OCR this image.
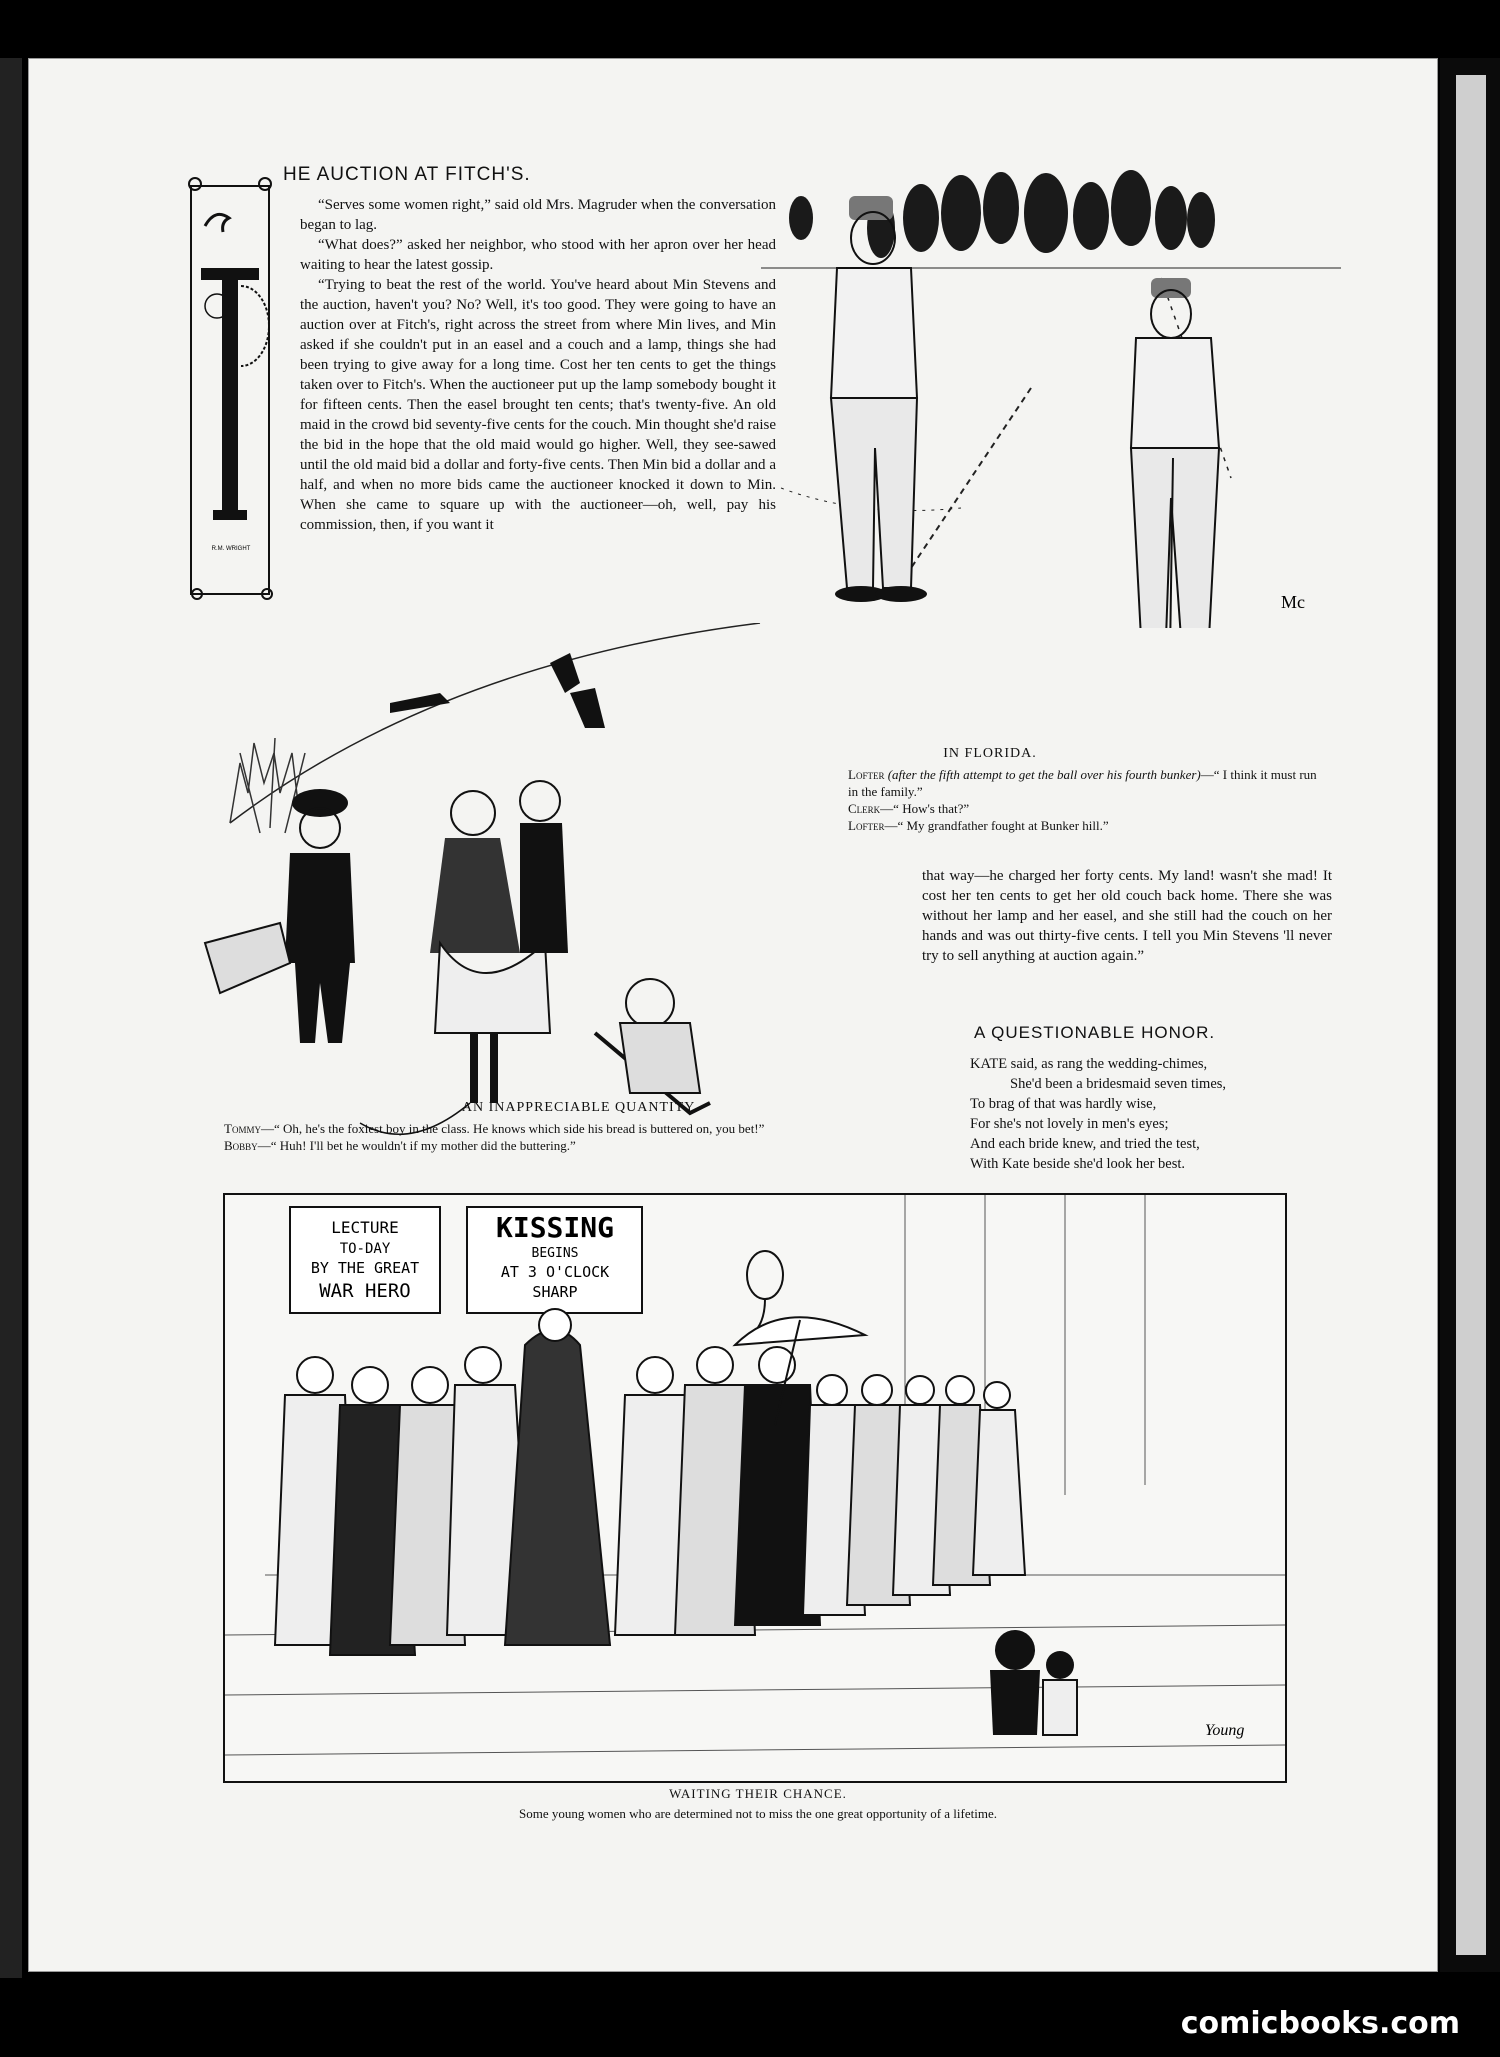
R.M. WRIGHT
HE AUCTION AT FITCH'S.

“Serves some women right,” said old Mrs. Magruder when the conversation began to lag.

“What does?” asked her neighbor, who stood with her apron over her head waiting to hear the latest gossip.

“Trying to beat the rest of the world. You've heard about Min Stevens and the auction, haven't you? No? Well, it's too good. They were going to have an auction over at Fitch's, right across the street from where Min lives, and Min asked if she couldn't put in an easel and a couch and a lamp, things she had been trying to give away for a long time. Cost her ten cents to get the things taken over to Fitch's. When the auctioneer put up the lamp somebody bought it for fifteen cents. Then the easel brought ten cents; that's twenty-five. An old maid in the crowd bid seventy-five cents for the couch. Min thought she'd raise the bid in the hope that the old maid would go higher. Well, they see-sawed until the old maid bid a dollar and forty-five cents. Then Min bid a dollar and a half, and when no more bids came the auctioneer knocked it down to Min. When she came to square up with the auctioneer—oh, well, pay his commission, then, if you want it

Mc
IN FLORIDA.
Lofter (after the fifth attempt to get the ball over his fourth bunker)—“ I think it must run in the family.”
Clerk—“ How's that?”
Lofter—“ My grandfather fought at Bunker hill.”
that way—he charged her forty cents. My land! wasn't she mad! It cost her ten cents to get her old couch back home. There she was without her lamp and her easel, and she still had the couch on her hands and was out thirty-five cents. I tell you Min Stevens 'll never try to sell anything at auction again.”
A QUESTIONABLE HONOR.
KATE said, as rang the wedding-chimes,
She'd been a bridesmaid seven times,
To brag of that was hardly wise,
For she's not lovely in men's eyes;
And each bride knew, and tried the test,
With Kate beside she'd look her best.
AN INAPPRECIABLE QUANTITY.
Tommy—“ Oh, he's the foxiest boy in the class. He knows which side his bread is buttered on, you bet!”
Bobby—“ Huh! I'll bet he wouldn't if my mother did the buttering.”
LECTURE
TO-DAY
BY THE GREAT
WAR HERO
KISSING
BEGINS
AT 3 O'CLOCK
SHARP
Young
WAITING THEIR CHANCE.
Some young women who are determined not to miss the one great opportunity of a lifetime.
comicbooks.com
